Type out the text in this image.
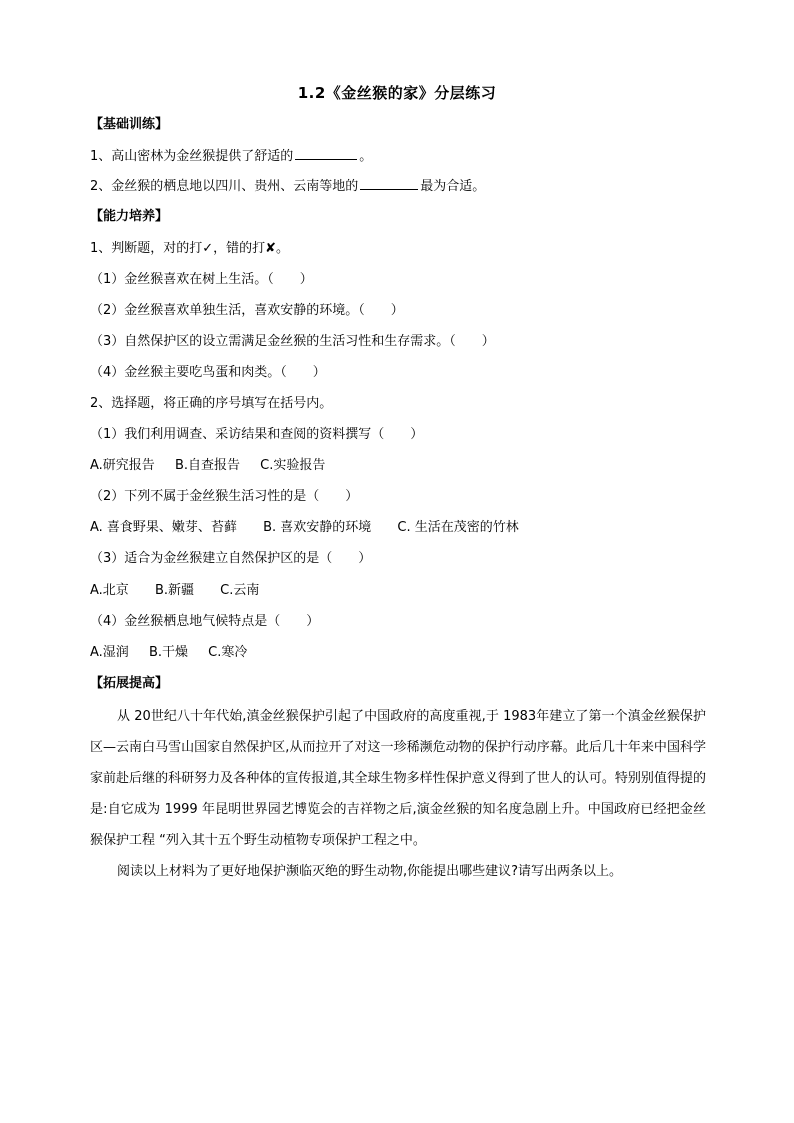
1.2《金丝猴的家》分层练习
【基础训练】
1、高山密林为金丝猴提供了舒适的	。
2、金丝猴的栖息地以四川、贵州、云南等地的	最为合适。
【能力培养】
1、判断题，对的打✓，错的打✘。
（1）金丝猴喜欢在树上生活。（　　）
（2）金丝猴喜欢单独生活，喜欢安静的环境。（　　）
（3）自然保护区的设立需满足金丝猴的生活习性和生存需求。（　　）
（4）金丝猴主要吃鸟蛋和肉类。（　　）
2、选择题，将正确的序号填写在括号内。
（1）我们利用调查、采访结果和查阅的资料撰写（　　）
A.研究报告 B.自查报告 C.实验报告
（2）下列不属于金丝猴生活习性的是（　　）
A. 喜食野果、嫩芽、苔藓 B. 喜欢安静的环境 C. 生活在茂密的竹林
（3）适合为金丝猴建立自然保护区的是（　　）
A.北京 B.新疆 C.云南
（4）金丝猴栖息地气候特点是（　　）
A.湿润 B.干燥 C.寒冷
【拓展提高】
从 20世纪八十年代始,滇金丝猴保护引起了中国政府的高度重视,于 1983年建立了第一个滇金丝猴保护区—云南白马雪山国家自然保护区,从而拉开了对这一珍稀濒危动物的保护行动序幕。此后几十年来中国科学家前赴后继的科研努力及各种体的宣传报道,其全球生物多样性保护意义得到了世人的认可。特别别值得提的是:自它成为 1999 年昆明世界园艺博览会的吉祥物之后,演金丝猴的知名度急剧上升。中国政府已经把金丝猴保护工程 “列入其十五个野生动植物专项保护工程之中。
阅读以上材料为了更好地保护濒临灭绝的野生动物,你能提出哪些建议?请写出两条以上。
